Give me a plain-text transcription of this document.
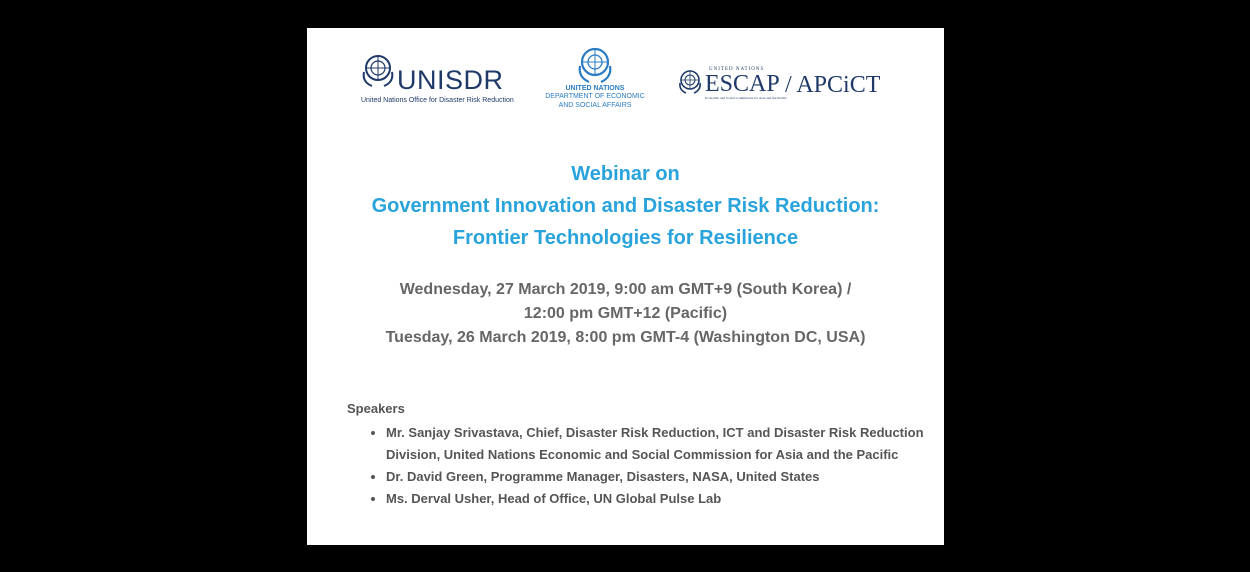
UNISDR
United Nations Office for Disaster Risk Reduction
UNITED NATIONS
DEPARTMENT OF ECONOMIC
AND SOCIAL AFFAIRS
UNITED NATIONS
ESCAP
Economic and Social Commission for Asia and the Pacific
/ APCiCT
Webinar on
Government Innovation and Disaster Risk Reduction:
Frontier Technologies for Resilience
Wednesday, 27 March 2019, 9:00 am GMT+9 (South Korea) /
12:00 pm GMT+12 (Pacific)
Tuesday, 26 March 2019, 8:00 pm GMT-4 (Washington DC, USA)
Speakers
• Mr. Sanjay Srivastava, Chief, Disaster Risk Reduction, ICT and Disaster Risk Reduction Division, United Nations Economic and Social Commission for Asia and the Pacific
• Dr. David Green, Programme Manager, Disasters, NASA, United States
• Ms. Derval Usher, Head of Office, UN Global Pulse Lab
